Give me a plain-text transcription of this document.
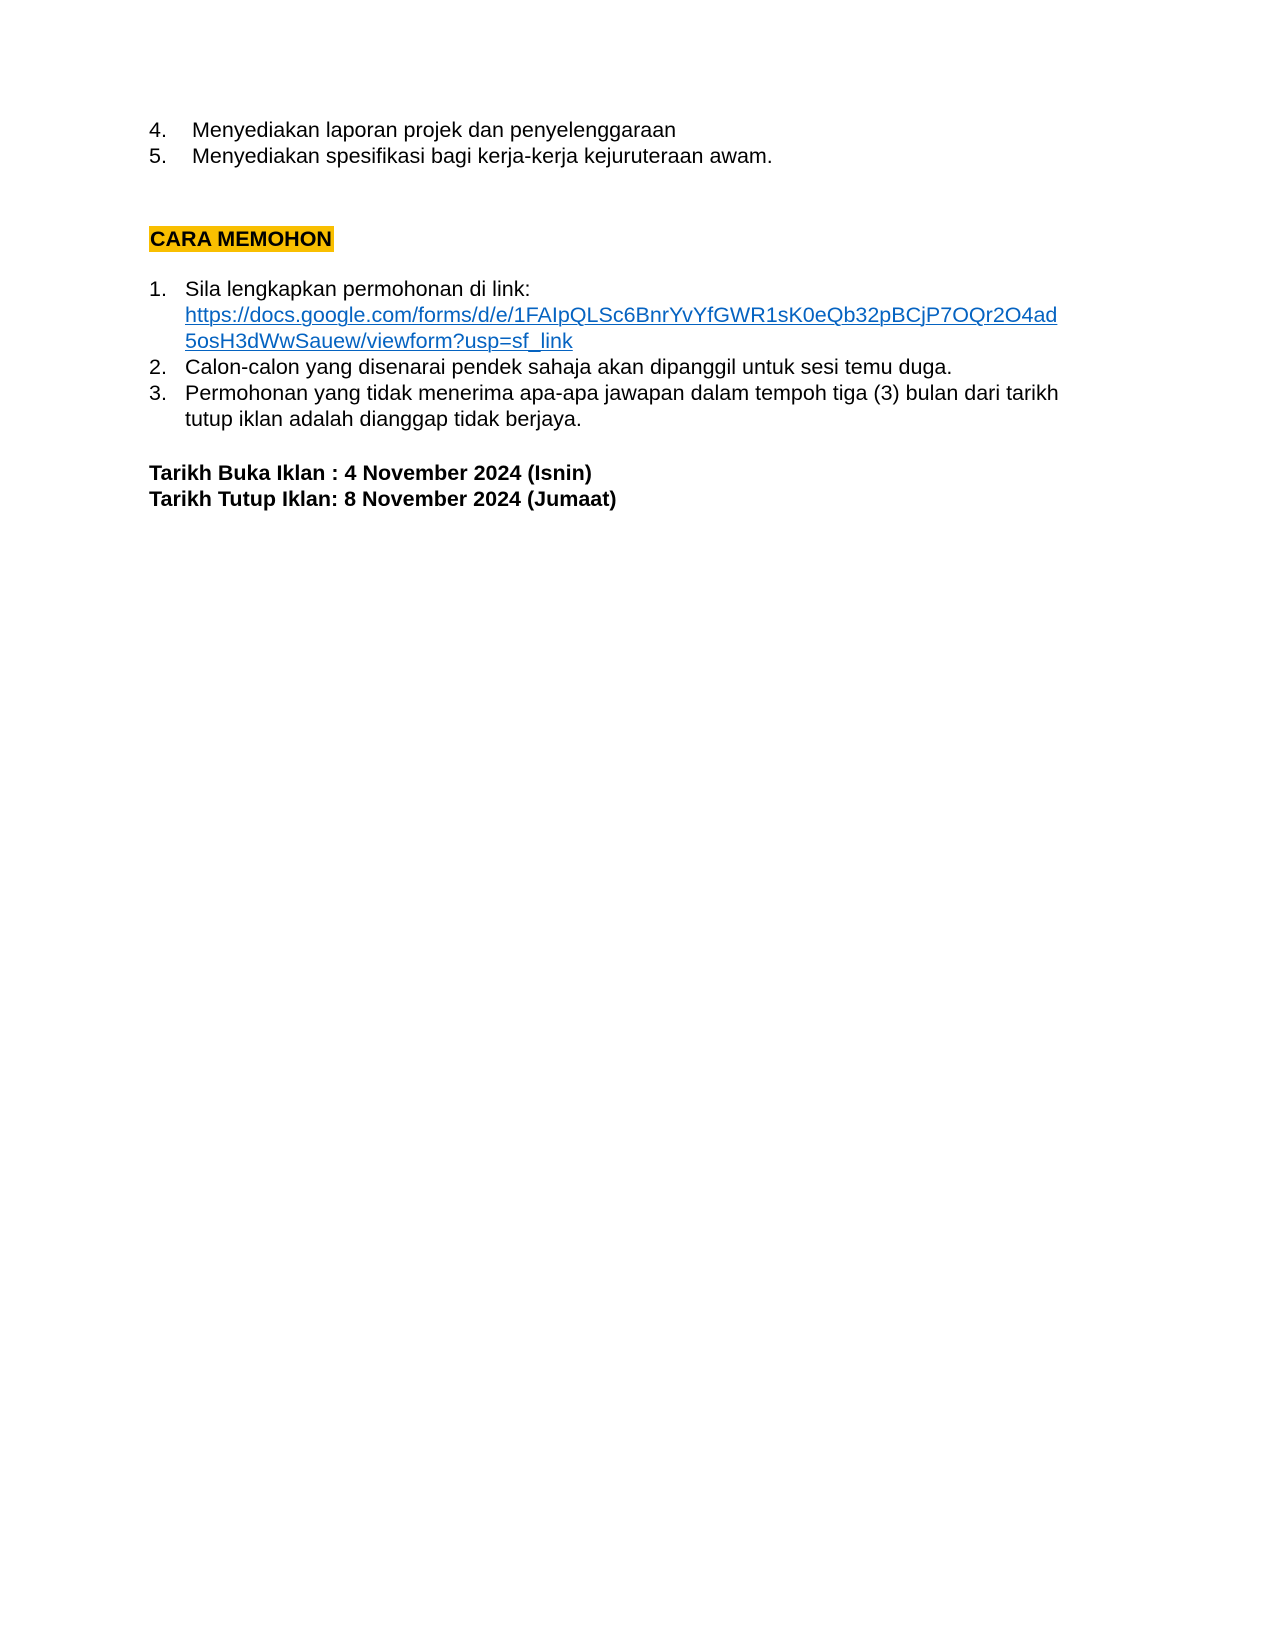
4. Menyediakan laporan projek dan penyelenggaraan
5. Menyediakan spesifikasi bagi kerja-kerja kejuruteraan awam.
CARA MEMOHON
1. Sila lengkapkan permohonan di link:
https://docs.google.com/forms/d/e/1FAIpQLSc6BnrYvYfGWR1sK0eQb32pBCjP7OQr2O4ad
5osH3dWwSauew/viewform?usp=sf_link
2. Calon-calon yang disenarai pendek sahaja akan dipanggil untuk sesi temu duga.
3. Permohonan yang tidak menerima apa-apa jawapan dalam tempoh tiga (3) bulan dari tarikh
tutup iklan adalah dianggap tidak berjaya.
Tarikh Buka Iklan : 4 November 2024 (Isnin)
Tarikh Tutup Iklan: 8 November 2024 (Jumaat)
